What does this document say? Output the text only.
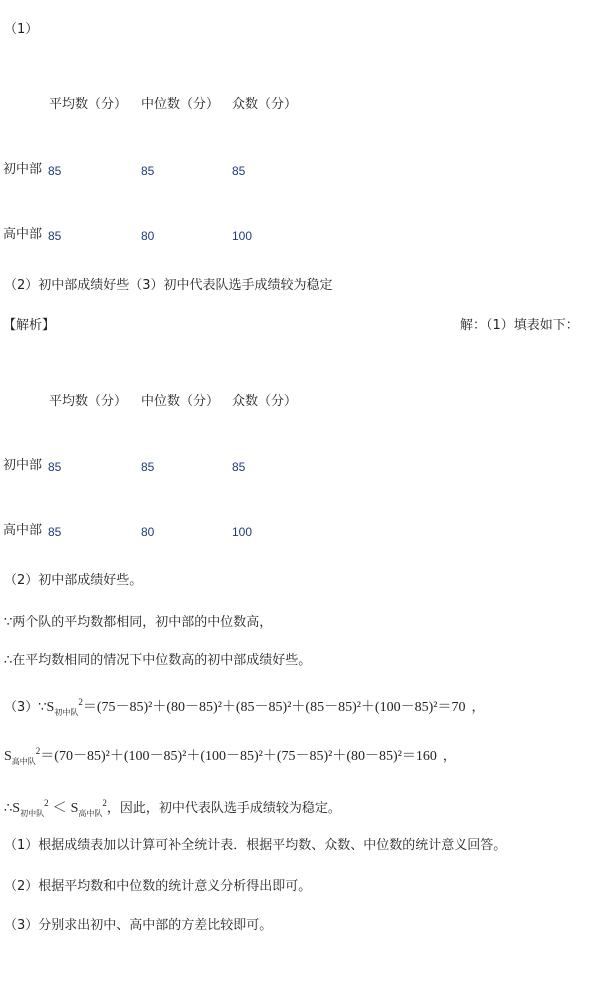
（1）
平均数（分） 中位数（分） 众数（分）
初中部 85	85	85
高中部 85	80	100
（2）初中部成绩好些（3）初中代表队选手成绩较为稳定
【解析】	解：（1）填表如下：
平均数（分） 中位数（分） 众数（分）
初中部 85	85	85
高中部 85	80	100
（2）初中部成绩好些。
∵两个队的平均数都相同，初中部的中位数高，
∴在平均数相同的情况下中位数高的初中部成绩好些。
$(3)\because S_{初中队}^2=(75-85)^2+(80-85)^2+(85-85)^2+(85-85)^2+(100-85)^2=70$ ，
$S_{高中队}^2=(70-85)^2+(100-85)^2+(100-85)^2+(75-85)^2+(80-85)^2=160$ ，
$\therefore S_{初中队}^2 < S_{高中队}^2$，因此，初中代表队选手成绩较为稳定。
（1）根据成绩表加以计算可补全统计表．根据平均数、众数、中位数的统计意义回答。
（2）根据平均数和中位数的统计意义分析得出即可。
（3）分别求出初中、高中部的方差比较即可。
